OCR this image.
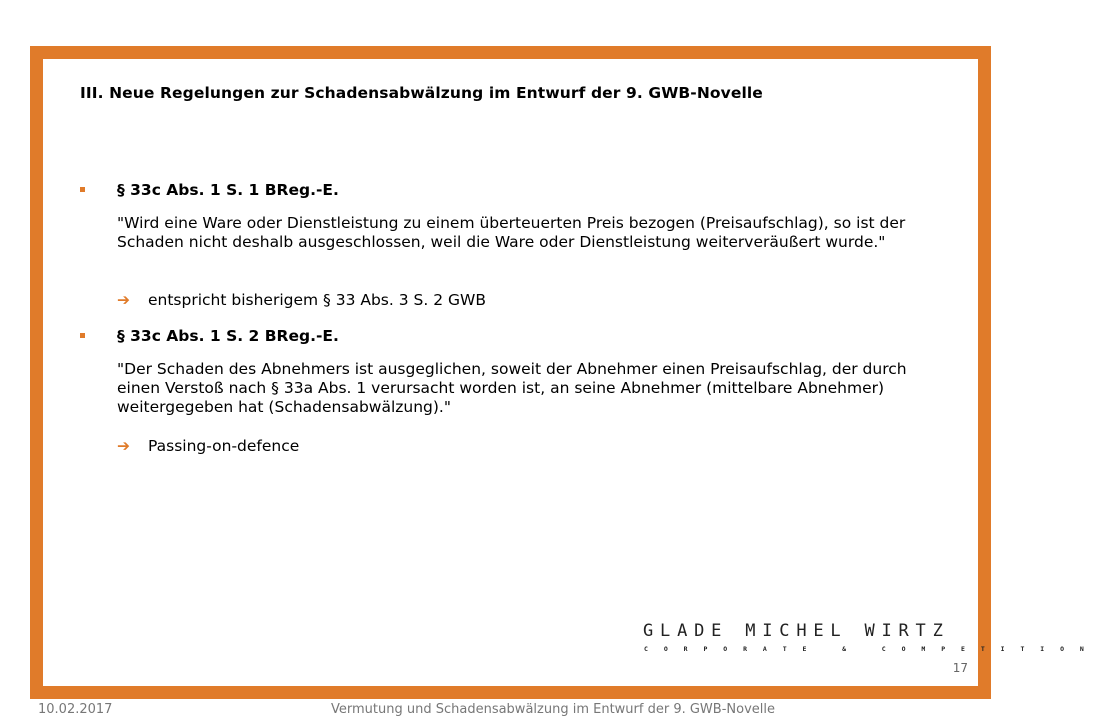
III. Neue Regelungen zur Schadensabwälzung im Entwurf der 9. GWB-Novelle
§ 33c Abs. 1 S. 1 BReg.-E.
"Wird eine Ware oder Dienstleistung zu einem überteuerten Preis bezogen (Preisaufschlag), so ist der Schaden nicht deshalb ausgeschlossen, weil die Ware oder Dienstleistung weiterveräußert wurde."
➔ entspricht bisherigem § 33 Abs. 3 S. 2 GWB
§ 33c Abs. 1 S. 2 BReg.-E.
"Der Schaden des Abnehmers ist ausgeglichen, soweit der Abnehmer einen Preisaufschlag, der durch einen Verstoß nach § 33a Abs. 1 verursacht worden ist, an seine Abnehmer (mittelbare Abnehmer) weitergegeben hat (Schadensabwälzung)."
➔ Passing-on-defence
GLADE MICHEL WIRTZ
CORPORATE & COMPETITION
17
10.02.2017	Vermutung und Schadensabwälzung im Entwurf der 9. GWB-Novelle
